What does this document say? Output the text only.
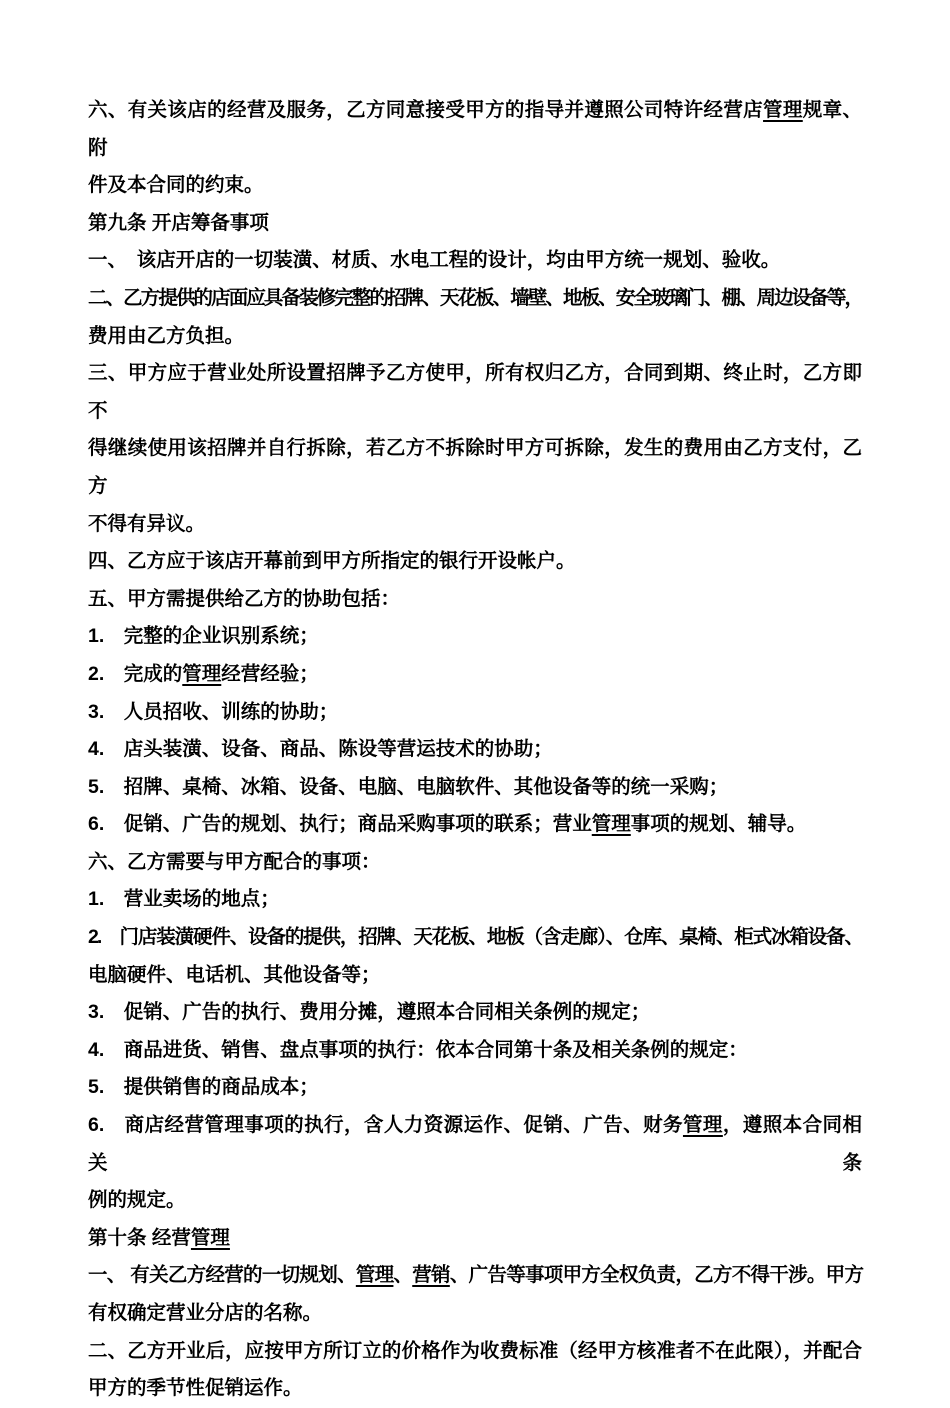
六、有关该店的经营及服务，乙方同意接受甲方的指导并遵照公司特许经营店管理规章、附
件及本合同的约束。
第九条 开店筹备事项
一、　该店开店的一切装潢、材质、水电工程的设计，均由甲方统一规划、验收。
二、乙方提供的店面应具备装修完整的招牌、天花板、墙壁、地板、安全玻璃门、棚、周边设备等，
费用由乙方负担。
三、甲方应于营业处所设置招牌予乙方使甲，所有权归乙方，合同到期、终止时，乙方即不
得继续使用该招牌并自行拆除，若乙方不拆除时甲方可拆除，发生的费用由乙方支付，乙方
不得有异议。
四、乙方应于该店开幕前到甲方所指定的银行开设帐户。
五、甲方需提供给乙方的协助包括：
1.　完整的企业识别系统；
2.　完成的管理经营经验；
3.　人员招收、训练的协助；
4.　店头装潢、设备、商品、陈设等营运技术的协助；
5.　招牌、桌椅、冰箱、设备、电脑、电脑软件、其他设备等的统一采购；
6.　促销、广告的规划、执行；商品采购事项的联系；营业管理事项的规划、辅导。
六、乙方需要与甲方配合的事项：
1.　营业卖场的地点；
2.　门店装潢硬件、设备的提供，招牌、天花板、地板（含走廊）、仓库、桌椅、柜式冰箱设备、
电脑硬件、电话机、其他设备等；
3.　促销、广告的执行、费用分摊，遵照本合同相关条例的规定；
4.　商品进货、销售、盘点事项的执行：依本合同第十条及相关条例的规定：
5.　提供销售的商品成本；
6.　商店经营管理事项的执行，含人力资源运作、促销、广告、财务管理，遵照本合同相关条
例的规定。
第十条 经营管理
一、 有关乙方经营的一切规划、管理、营销、广告等事项甲方全权负责，乙方不得干涉。甲方
有权确定营业分店的名称。
二、乙方开业后，应按甲方所订立的价格作为收费标准（经甲方核准者不在此限），并配合
甲方的季节性促销运作。
